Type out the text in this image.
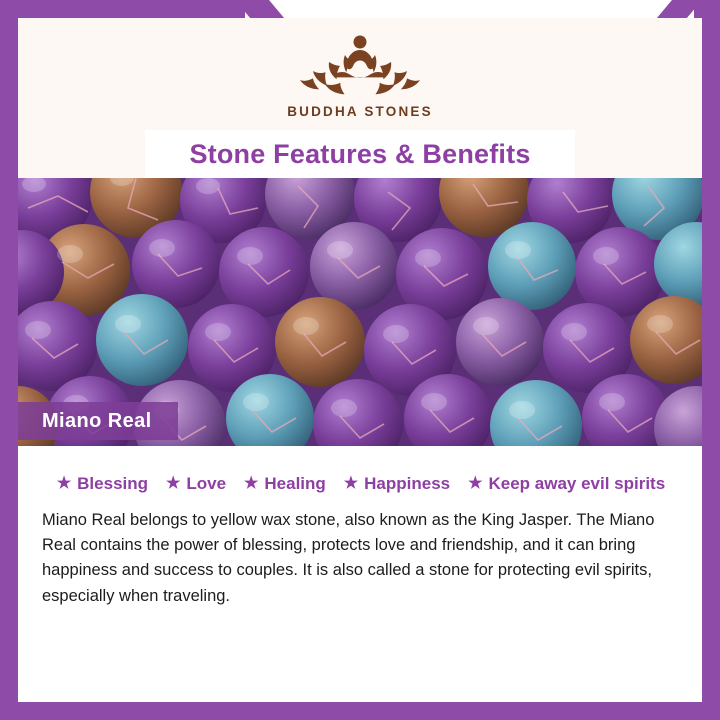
BUDDHA STONES
Stone Features & Benefits
Miano Real
★ Blessing ★ Love ★ Healing ★ Happiness ★ Keep away evil spirits

Miano Real belongs to yellow wax stone, also known as the King Jasper. The Miano Real contains the power of blessing, protects love and friendship, and it can bring happiness and success to couples. It is also called a stone for protecting evil spirits, especially when traveling.
